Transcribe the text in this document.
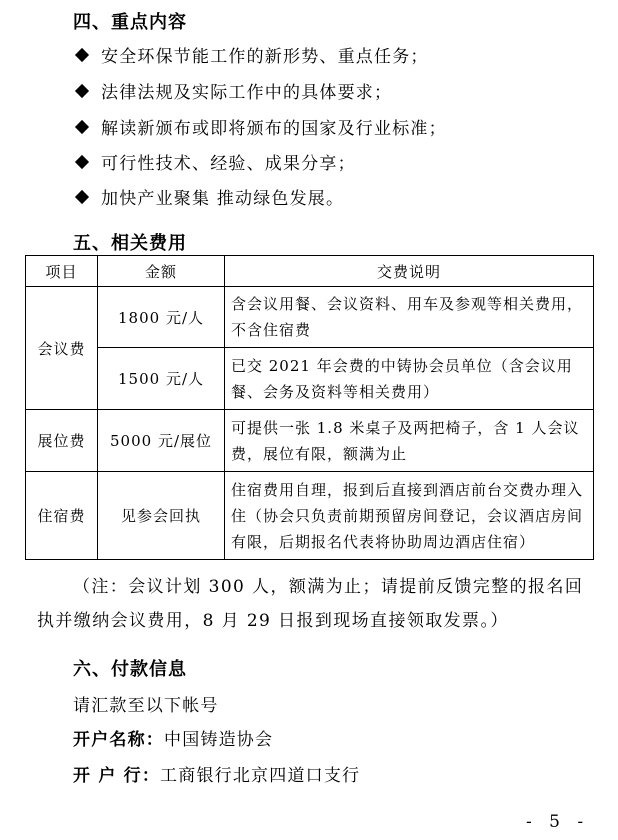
四、重点内容
安全环保节能工作的新形势、重点任务；
法律法规及实际工作中的具体要求；
解读新颁布或即将颁布的国家及行业标准；
可行性技术、经验、成果分享；
加快产业聚集 推动绿色发展。
五、相关费用
项目	金额	交费说明
会议费	1800 元/人	含会议用餐、会议资料、用车及参观等相关费用，不含住宿费
	1500 元/人	已交 2021 年会费的中铸协会员单位（含会议用餐、会务及资料等相关费用）
展位费	5000 元/展位	可提供一张 1.8 米桌子及两把椅子，含 1 人会议费，展位有限，额满为止
住宿费	见参会回执	住宿费用自理，报到后直接到酒店前台交费办理入住（协会只负责前期预留房间登记，会议酒店房间有限，后期报名代表将协助周边酒店住宿）
（注：会议计划 300 人，额满为止；请提前反馈完整的报名回执并缴纳会议费用，8 月 29 日报到现场直接领取发票。）
六、付款信息
请汇款至以下帐号
开户名称：中国铸造协会
开 户 行：工商银行北京四道口支行
- 5 -
